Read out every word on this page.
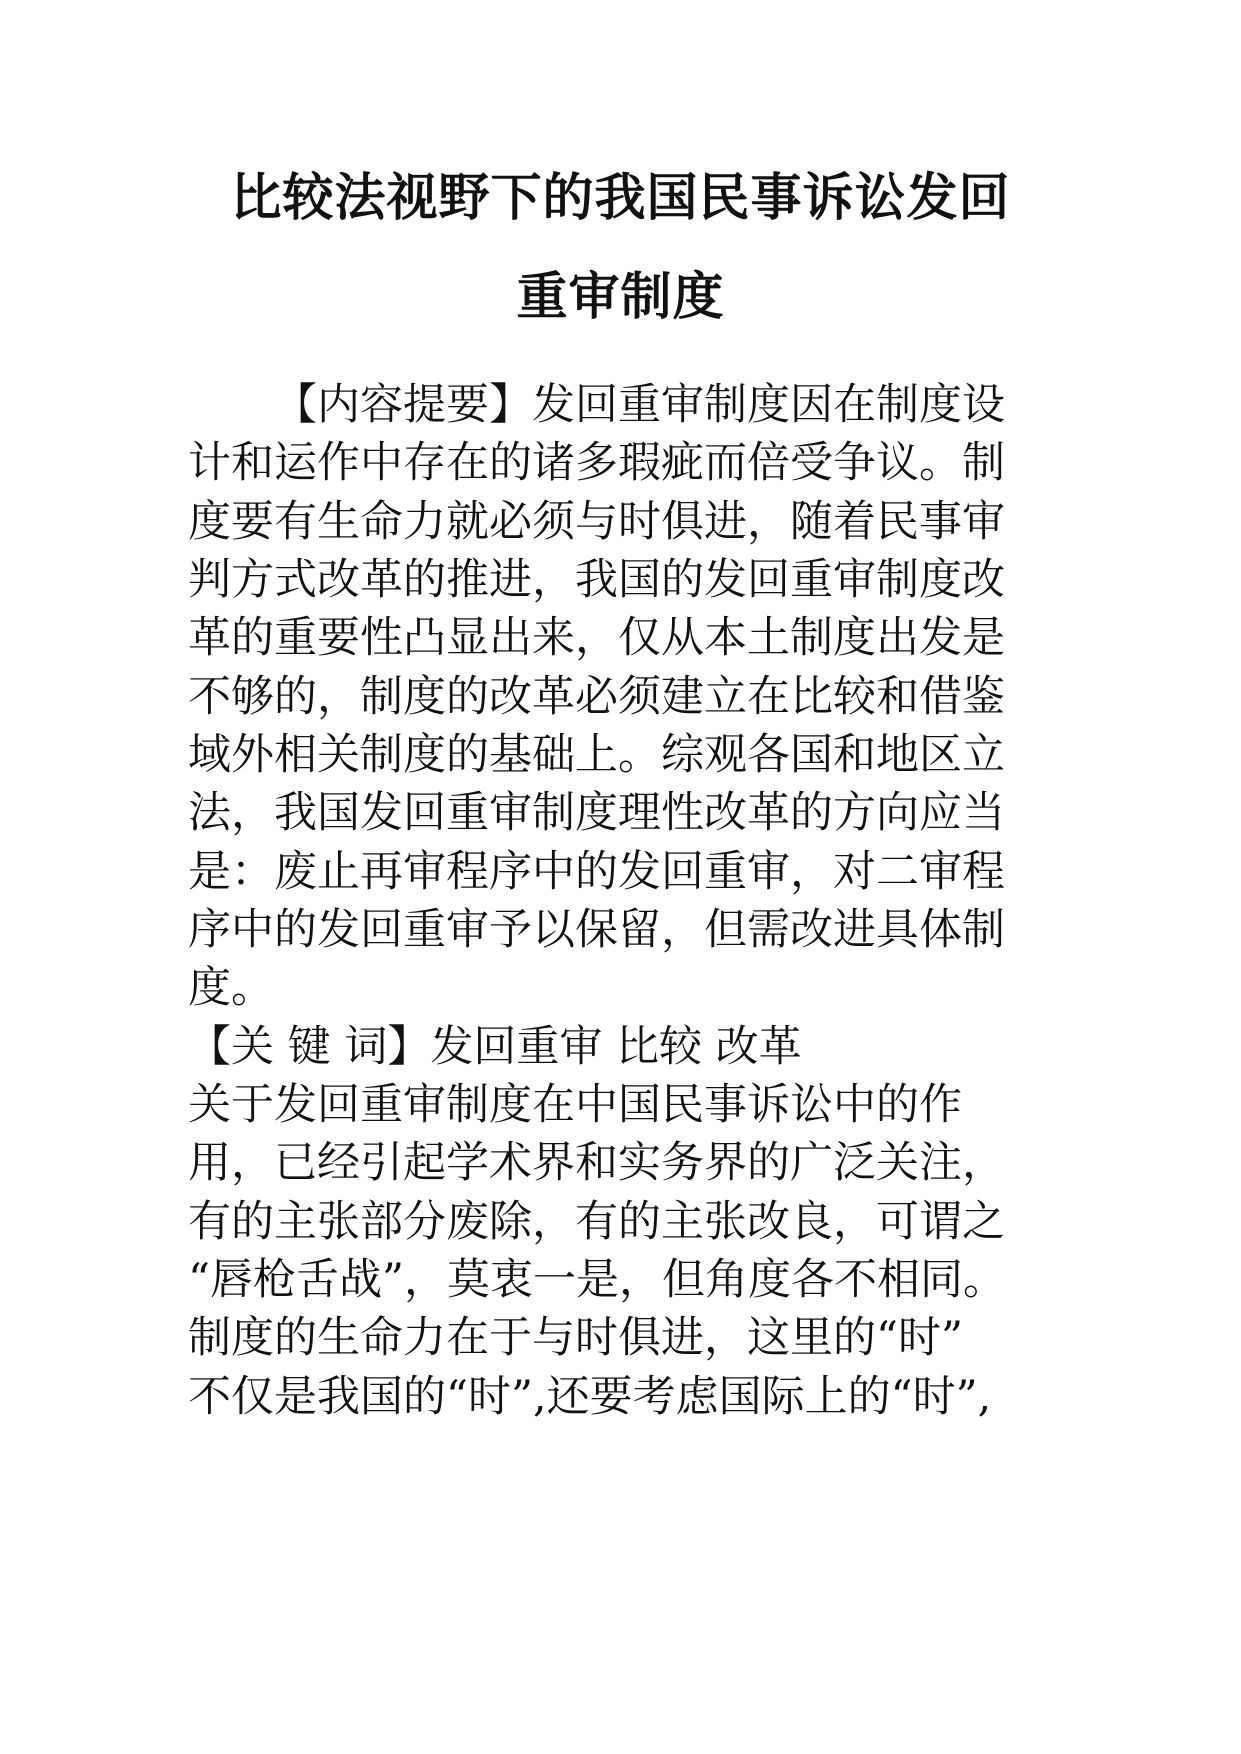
比较法视野下的我国民事诉讼发回
重审制度
【内容提要】发回重审制度因在制度设
计和运作中存在的诸多瑕疵而倍受争议。制
度要有生命力就必须与时俱进，随着民事审
判方式改革的推进，我国的发回重审制度改
革的重要性凸显出来，仅从本土制度出发是
不够的，制度的改革必须建立在比较和借鉴
域外相关制度的基础上。综观各国和地区立
法，我国发回重审制度理性改革的方向应当
是：废止再审程序中的发回重审，对二审程
序中的发回重审予以保留，但需改进具体制
度。
【关 键 词】发回重审 比较 改革
关于发回重审制度在中国民事诉讼中的作
用，已经引起学术界和实务界的广泛关注，
有的主张部分废除，有的主张改良，可谓之
“唇枪舌战”，莫衷一是，但角度各不相同。
制度的生命力在于与时俱进，这里的“时”
不仅是我国的“时”,还要考虑国际上的“时”,
